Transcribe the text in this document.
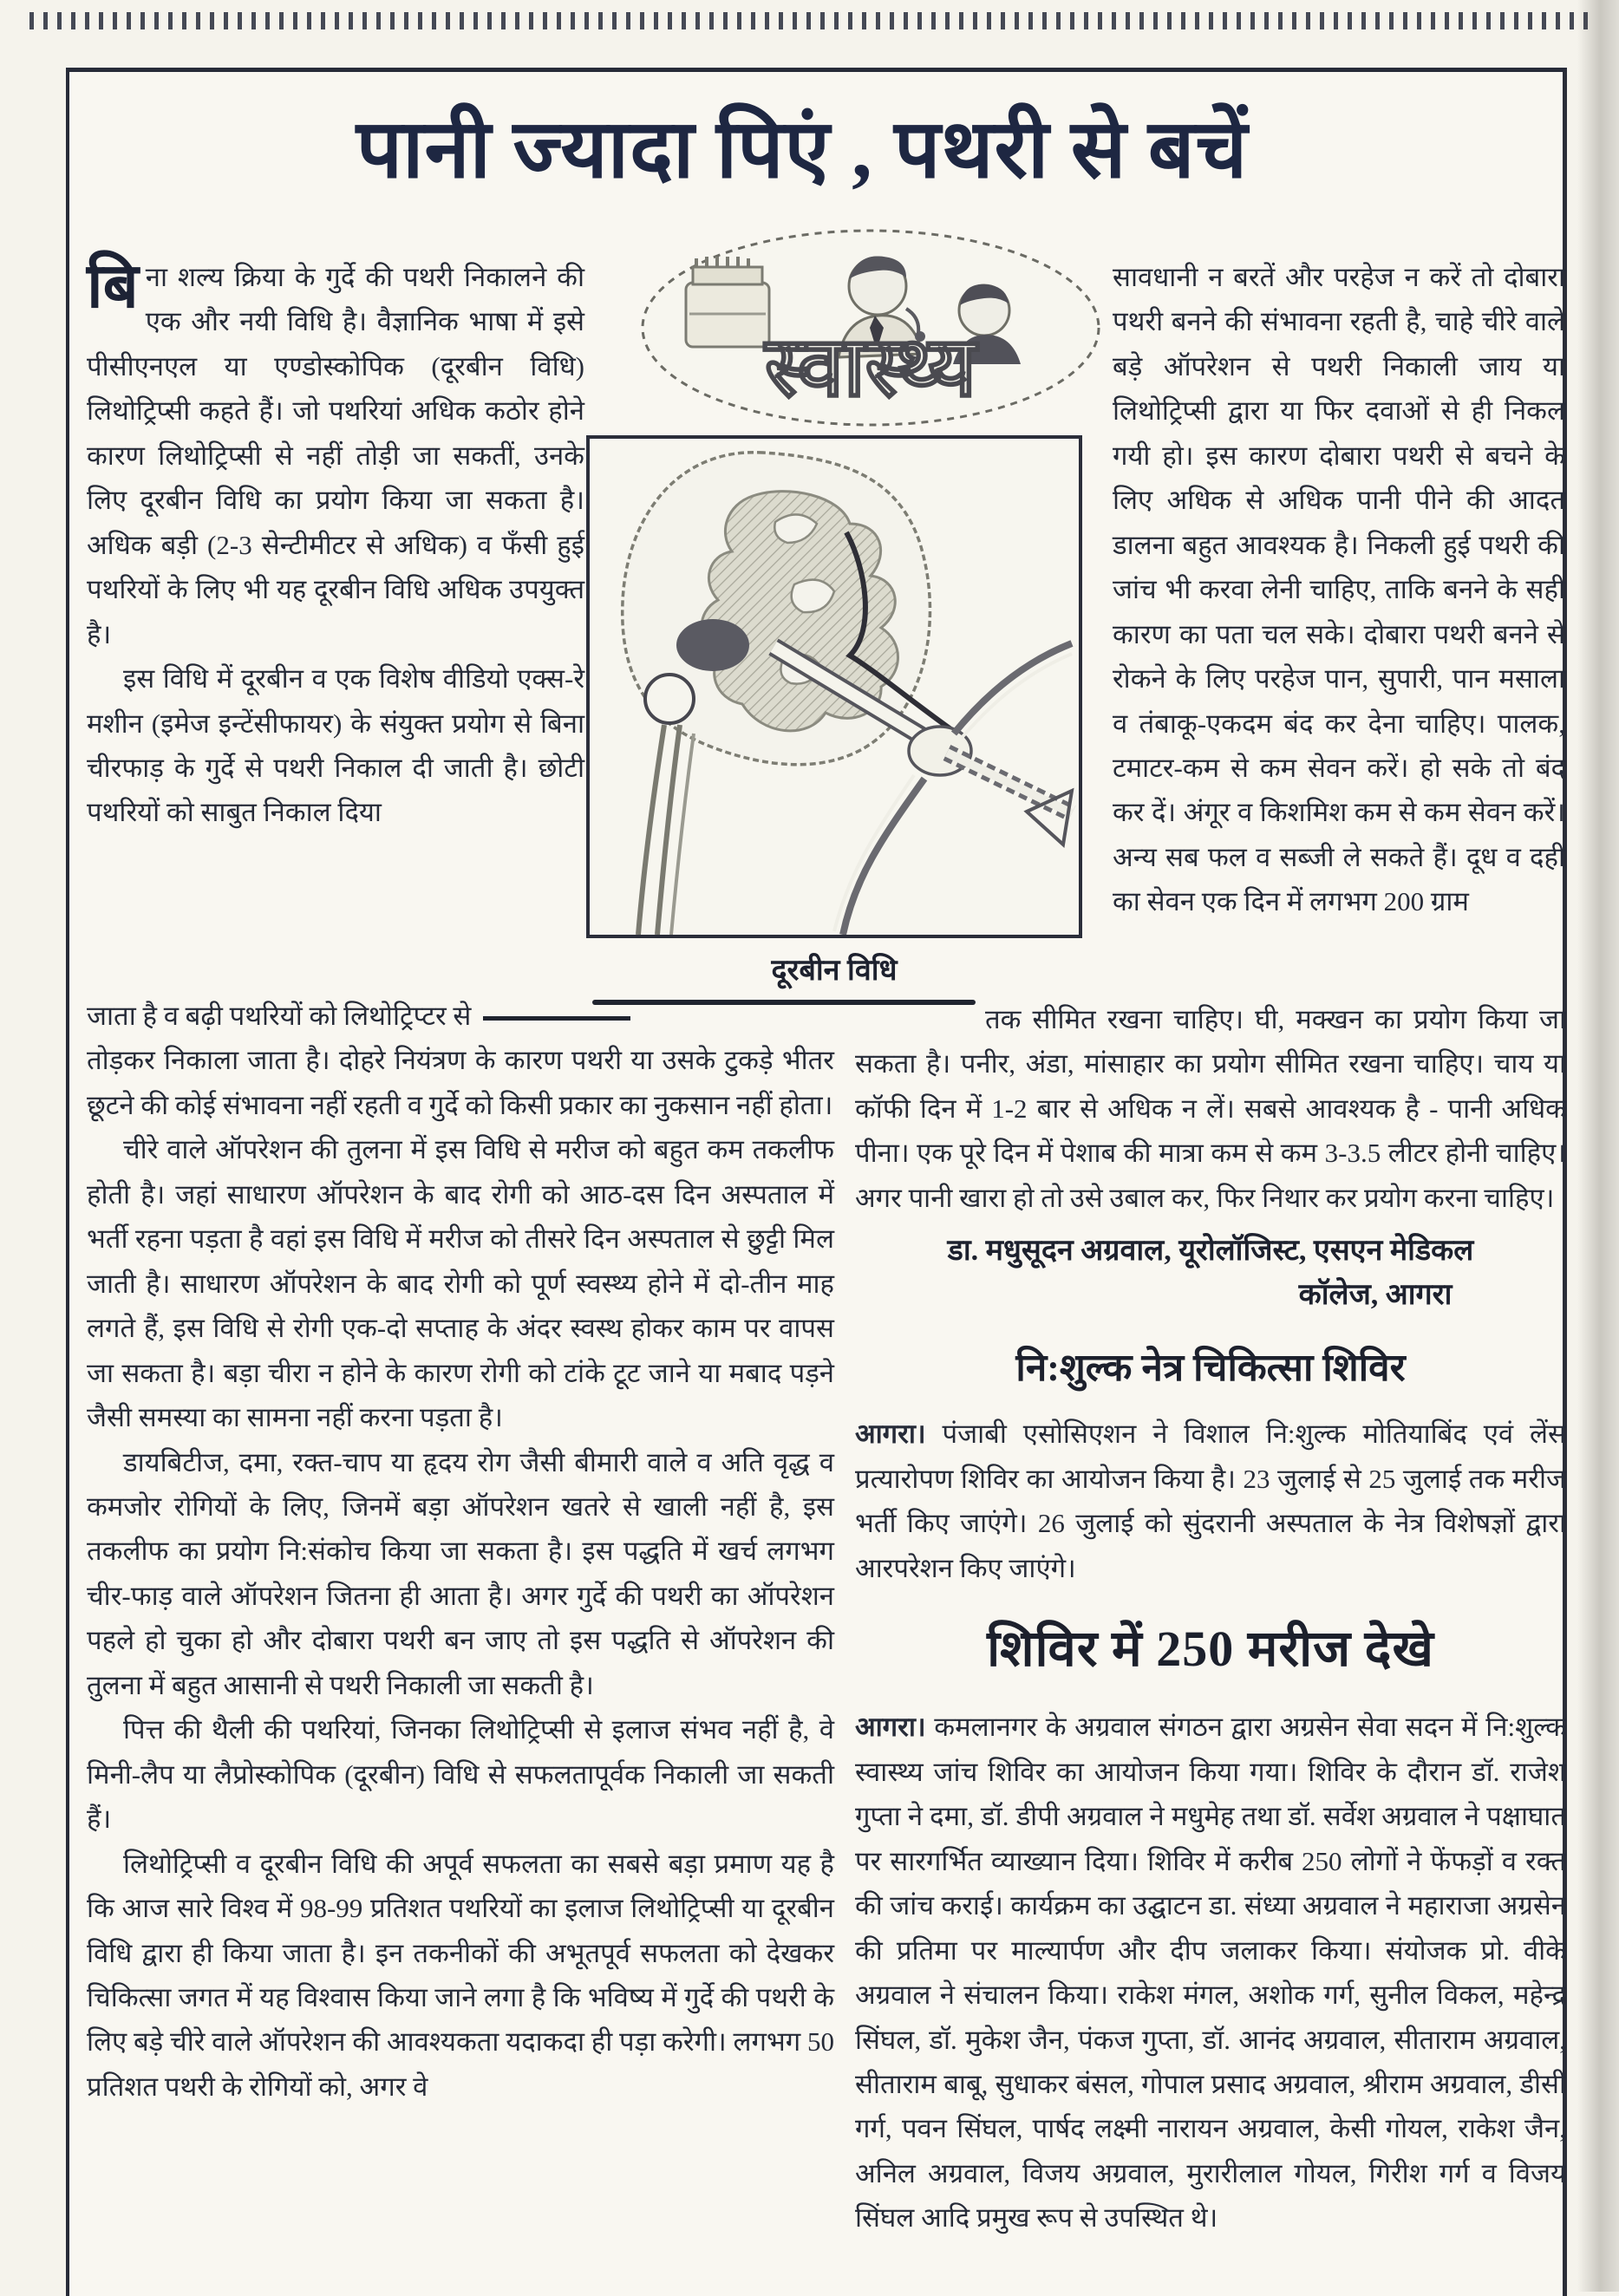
पानी ज्यादा पिएं , पथरी से बचें

बिना शल्य क्रिया के गुर्दे की पथरी निकालने की एक और नयी विधि है। वैज्ञानिक भाषा में इसे पीसीएनएल या एण्डोस्कोपिक (दूरबीन विधि) लिथोट्रिप्सी कहते हैं। जो पथरियां अधिक कठोर होने कारण लिथोट्रिप्सी से नहीं तोड़ी जा सकतीं, उनके लिए दूरबीन विधि का प्रयोग किया जा सकता है। अधिक बड़ी (2-3 सेन्टीमीटर से अधिक) व फँसी हुई पथरियों के लिए भी यह दूरबीन विधि अधिक उपयुक्त है।

इस विधि में दूरबीन व एक विशेष वीडियो एक्स-रे मशीन (इमेज इन्टेंसीफायर) के संयुक्त प्रयोग से बिना चीरफाड़ के गुर्दे से पथरी निकाल दी जाती है। छोटी पथरियों को साबुत निकाल दिया

स्वास्थ्य
दूरबीन विधि

सावधानी न बरतें और परहेज न करें तो दोबारा पथरी बनने की संभावना रहती है, चाहे चीरे वाले बड़े ऑपरेशन से पथरी निकाली जाय या लिथोट्रिप्सी द्वारा या फिर दवाओं से ही निकल गयी हो। इस कारण दोबारा पथरी से बचने के लिए अधिक से अधिक पानी पीने की आदत डालना बहुत आवश्यक है। निकली हुई पथरी की जांच भी करवा लेनी चाहिए, ताकि बनने के सही कारण का पता चल सके। दोबारा पथरी बनने से रोकने के लिए परहेज पान, सुपारी, पान मसाला व तंबाकू-एकदम बंद कर देना चाहिए। पालक, टमाटर-कम से कम सेवन करें। हो सके तो बंद कर दें। अंगूर व किशमिश कम से कम सेवन करें। अन्य सब फल व सब्जी ले सकते हैं। दूध व दही का सेवन एक दिन में लगभग 200 ग्राम

जाता है व बढ़ी पथरियों को लिथोट्रिप्टर से

तोड़कर निकाला जाता है। दोहरे नियंत्रण के कारण पथरी या उसके टुकड़े भीतर छूटने की कोई संभावना नहीं रहती व गुर्दे को किसी प्रकार का नुकसान नहीं होता।

चीरे वाले ऑपरेशन की तुलना में इस विधि से मरीज को बहुत कम तकलीफ होती है। जहां साधारण ऑपरेशन के बाद रोगी को आठ-दस दिन अस्पताल में भर्ती रहना पड़ता है वहां इस विधि में मरीज को तीसरे दिन अस्पताल से छुट्टी मिल जाती है। साधारण ऑपरेशन के बाद रोगी को पूर्ण स्वस्थ्य होने में दो-तीन माह लगते हैं, इस विधि से रोगी एक-दो सप्ताह के अंदर स्वस्थ होकर काम पर वापस जा सकता है। बड़ा चीरा न होने के कारण रोगी को टांके टूट जाने या मबाद पड़ने जैसी समस्या का सामना नहीं करना पड़ता है।

डायबिटीज, दमा, रक्त-चाप या हृदय रोग जैसी बीमारी वाले व अति वृद्ध व कमजोर रोगियों के लिए, जिनमें बड़ा ऑपरेशन खतरे से खाली नहीं है, इस तकलीफ का प्रयोग नि:संकोच किया जा सकता है। इस पद्धति में खर्च लगभग चीर-फाड़ वाले ऑपरेशन जितना ही आता है। अगर गुर्दे की पथरी का ऑपरेशन पहले हो चुका हो और दोबारा पथरी बन जाए तो इस पद्धति से ऑपरेशन की तुलना में बहुत आसानी से पथरी निकाली जा सकती है।

पित्त की थैली की पथरियां, जिनका लिथोट्रिप्सी से इलाज संभव नहीं है, वे मिनी-लैप या लैप्रोस्कोपिक (दूरबीन) विधि से सफलतापूर्वक निकाली जा सकती हैं।

लिथोट्रिप्सी व दूरबीन विधि की अपूर्व सफलता का सबसे बड़ा प्रमाण यह है कि आज सारे विश्व में 98-99 प्रतिशत पथरियों का इलाज लिथोट्रिप्सी या दूरबीन विधि द्वारा ही किया जाता है। इन तकनीकों की अभूतपूर्व सफलता को देखकर चिकित्सा जगत में यह विश्वास किया जाने लगा है कि भविष्य में गुर्दे की पथरी के लिए बड़े चीरे वाले ऑपरेशन की आवश्यकता यदाकदा ही पड़ा करेगी। लगभग 50 प्रतिशत पथरी के रोगियों को, अगर वे

तक सीमित रखना चाहिए। घी, मक्खन का प्रयोग किया जा सकता है। पनीर, अंडा, मांसाहार का प्रयोग सीमित रखना चाहिए। चाय या कॉफी दिन में 1-2 बार से अधिक न लें। सबसे आवश्यक है - पानी अधिक पीना। एक पूरे दिन में पेशाब की मात्रा कम से कम 3-3.5 लीटर होनी चाहिए। अगर पानी खारा हो तो उसे उबाल कर, फिर निथार कर प्रयोग करना चाहिए।

डा. मधुसूदन अग्रवाल, यूरोलॉजिस्ट, एसएन मेडिकल
कॉलेज, आगरा
नि:शुल्क नेत्र चिकित्सा शिविर

आगरा। पंजाबी एसोसिएशन ने विशाल नि:शुल्क मोतियाबिंद एवं लेंस प्रत्यारोपण शिविर का आयोजन किया है। 23 जुलाई से 25 जुलाई तक मरीज भर्ती किए जाएंगे। 26 जुलाई को सुंदरानी अस्पताल के नेत्र विशेषज्ञों द्वारा आरपरेशन किए जाएंगे।

शिविर में 250 मरीज देखे

आगरा। कमलानगर के अग्रवाल संगठन द्वारा अग्रसेन सेवा सदन में नि:शुल्क स्वास्थ्य जांच शिविर का आयोजन किया गया। शिविर के दौरान डॉ. राजेश गुप्ता ने दमा, डॉ. डीपी अग्रवाल ने मधुमेह तथा डॉ. सर्वेश अग्रवाल ने पक्षाघात पर सारगर्भित व्याख्यान दिया। शिविर में करीब 250 लोगों ने फेंफड़ों व रक्त की जांच कराई। कार्यक्रम का उद्घाटन डा. संध्या अग्रवाल ने महाराजा अग्रसेन की प्रतिमा पर माल्यार्पण और दीप जलाकर किया। संयोजक प्रो. वीके अग्रवाल ने संचालन किया। राकेश मंगल, अशोक गर्ग, सुनील विकल, महेन्द्र सिंघल, डॉ. मुकेश जैन, पंकज गुप्ता, डॉ. आनंद अग्रवाल, सीताराम अग्रवाल, सीताराम बाबू, सुधाकर बंसल, गोपाल प्रसाद अग्रवाल, श्रीराम अग्रवाल, डीसी गर्ग, पवन सिंघल, पार्षद लक्ष्मी नारायन अग्रवाल, केसी गोयल, राकेश जैन, अनिल अग्रवाल, विजय अग्रवाल, मुरारीलाल गोयल, गिरीश गर्ग व विजय सिंघल आदि प्रमुख रूप से उपस्थित थे।
